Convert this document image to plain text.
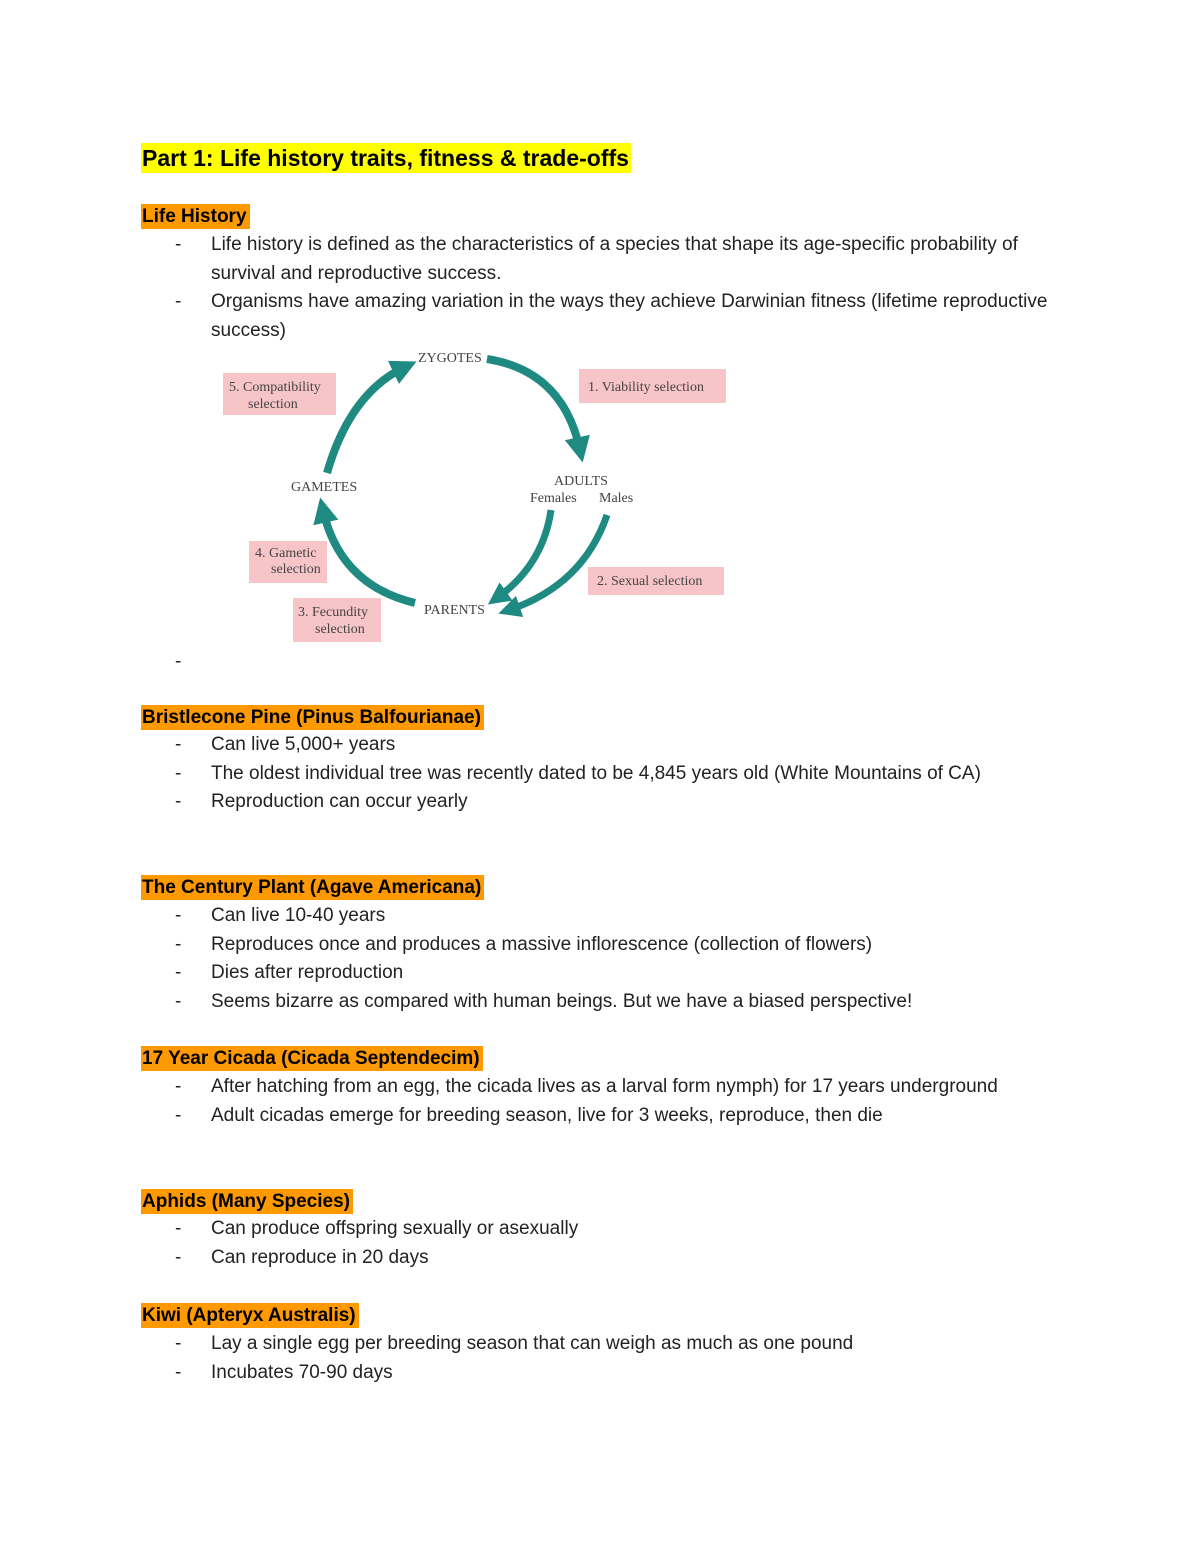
Part 1: Life history traits, fitness & trade-offs
Life History
- Life history is defined as the characteristics of a species that shape its age-specific probability of survival and reproductive success.
- Organisms have amazing variation in the ways they achieve Darwinian fitness (lifetime reproductive success)
5. Compatibility
selection
1. Viability selection
4. Gametic
selection
2. Sexual selection
3. Fecundity
selection
ZYGOTES
ADULTS
Females Males
GAMETES
PARENTS
-
Bristlecone Pine (Pinus Balfourianae)
- Can live 5,000+ years
- The oldest individual tree was recently dated to be 4,845 years old (White Mountains of CA)
- Reproduction can occur yearly
The Century Plant (Agave Americana)
- Can live 10-40 years
- Reproduces once and produces a massive inflorescence (collection of flowers)
- Dies after reproduction
- Seems bizarre as compared with human beings. But we have a biased perspective!
17 Year Cicada (Cicada Septendecim)
- After hatching from an egg, the cicada lives as a larval form nymph) for 17 years underground
- Adult cicadas emerge for breeding season, live for 3 weeks, reproduce, then die
Aphids (Many Species)
- Can produce offspring sexually or asexually
- Can reproduce in 20 days
Kiwi (Apteryx Australis)
- Lay a single egg per breeding season that can weigh as much as one pound
- Incubates 70-90 days
